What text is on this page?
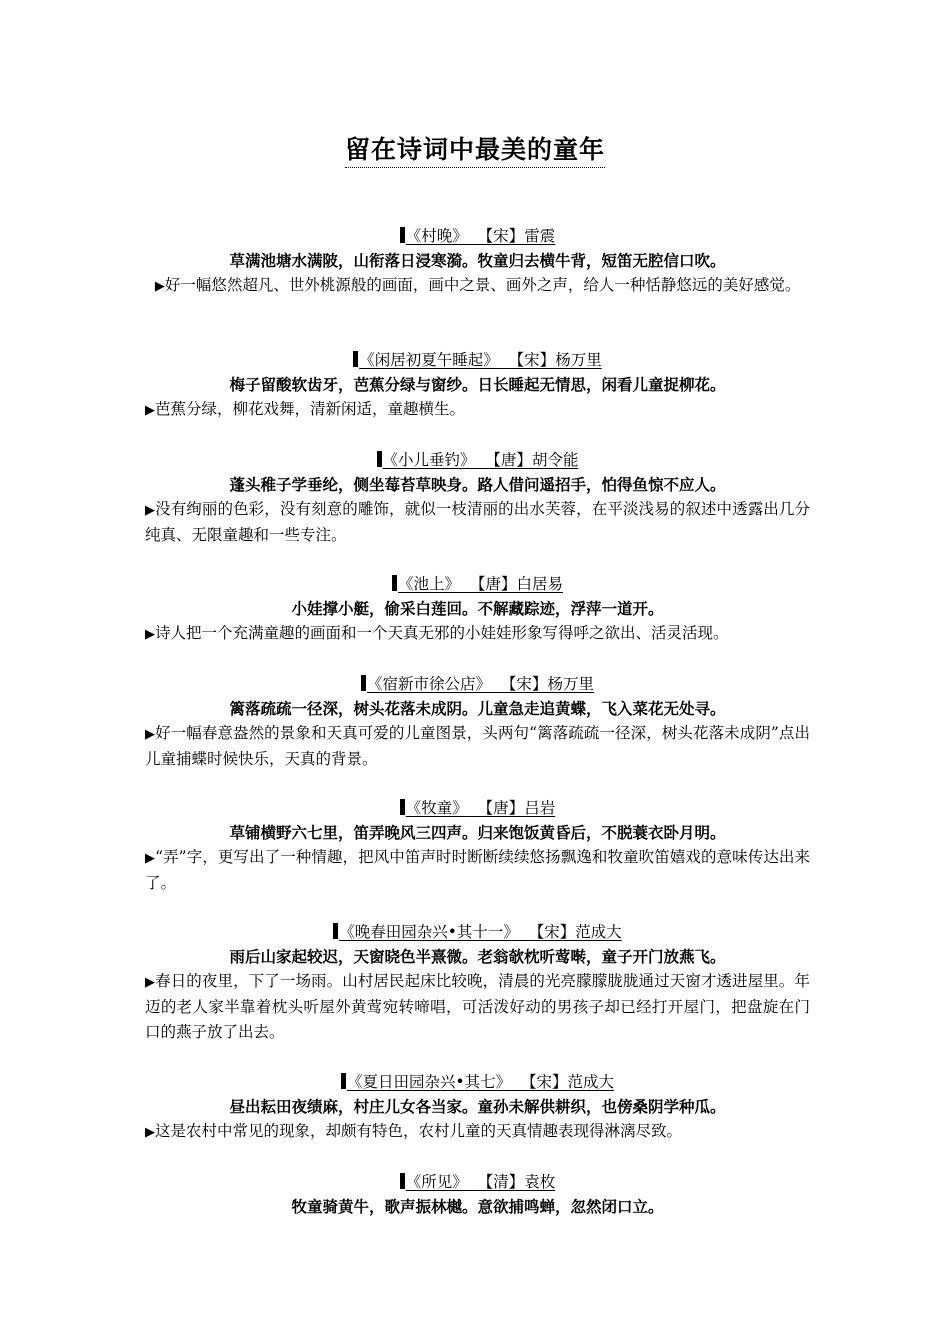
留在诗词中最美的童年
《村晚》 【宋】雷震
草满池塘水满陂，山衔落日浸寒漪。牧童归去横牛背，短笛无腔信口吹。
▶好一幅悠然超凡、世外桃源般的画面，画中之景、画外之声，给人一种恬静悠远的美好感觉。
《闲居初夏午睡起》 【宋】杨万里
梅子留酸软齿牙，芭蕉分绿与窗纱。日长睡起无情思，闲看儿童捉柳花。
▶芭蕉分绿，柳花戏舞，清新闲适，童趣横生。
《小儿垂钓》 【唐】胡令能
蓬头稚子学垂纶，侧坐莓苔草映身。路人借问遥招手，怕得鱼惊不应人。
▶没有绚丽的色彩，没有刻意的雕饰，就似一枝清丽的出水芙蓉，在平淡浅易的叙述中透露出几分纯真、无限童趣和一些专注。
《池上》 【唐】白居易
小娃撑小艇，偷采白莲回。不解藏踪迹，浮萍一道开。
▶诗人把一个充满童趣的画面和一个天真无邪的小娃娃形象写得呼之欲出、活灵活现。
《宿新市徐公店》 【宋】杨万里
篱落疏疏一径深，树头花落未成阴。儿童急走追黄蝶，飞入菜花无处寻。
▶好一幅春意盎然的景象和天真可爱的儿童图景，头两句“篱落疏疏一径深，树头花落未成阴”点出儿童捕蝶时候快乐，天真的背景。
《牧童》 【唐】吕岩
草铺横野六七里，笛弄晚风三四声。归来饱饭黄昏后，不脱蓑衣卧月明。
▶“弄”字，更写出了一种情趣，把风中笛声时时断断续续悠扬飘逸和牧童吹笛嬉戏的意味传达出来了。
《晚春田园杂兴•其十一》 【宋】范成大
雨后山家起较迟，天窗晓色半熹微。老翁欹枕听莺啭，童子开门放燕飞。
▶春日的夜里，下了一场雨。山村居民起床比较晚，清晨的光亮朦朦胧胧通过天窗才透进屋里。年迈的老人家半靠着枕头听屋外黄莺宛转啼唱，可活泼好动的男孩子却已经打开屋门，把盘旋在门口的燕子放了出去。
《夏日田园杂兴•其七》 【宋】范成大
昼出耘田夜绩麻，村庄儿女各当家。童孙未解供耕织，也傍桑阴学种瓜。
▶这是农村中常见的现象，却颇有特色，农村儿童的天真情趣表现得淋漓尽致。
《所见》 【清】袁枚
牧童骑黄牛，歌声振林樾。意欲捕鸣蝉，忽然闭口立。
